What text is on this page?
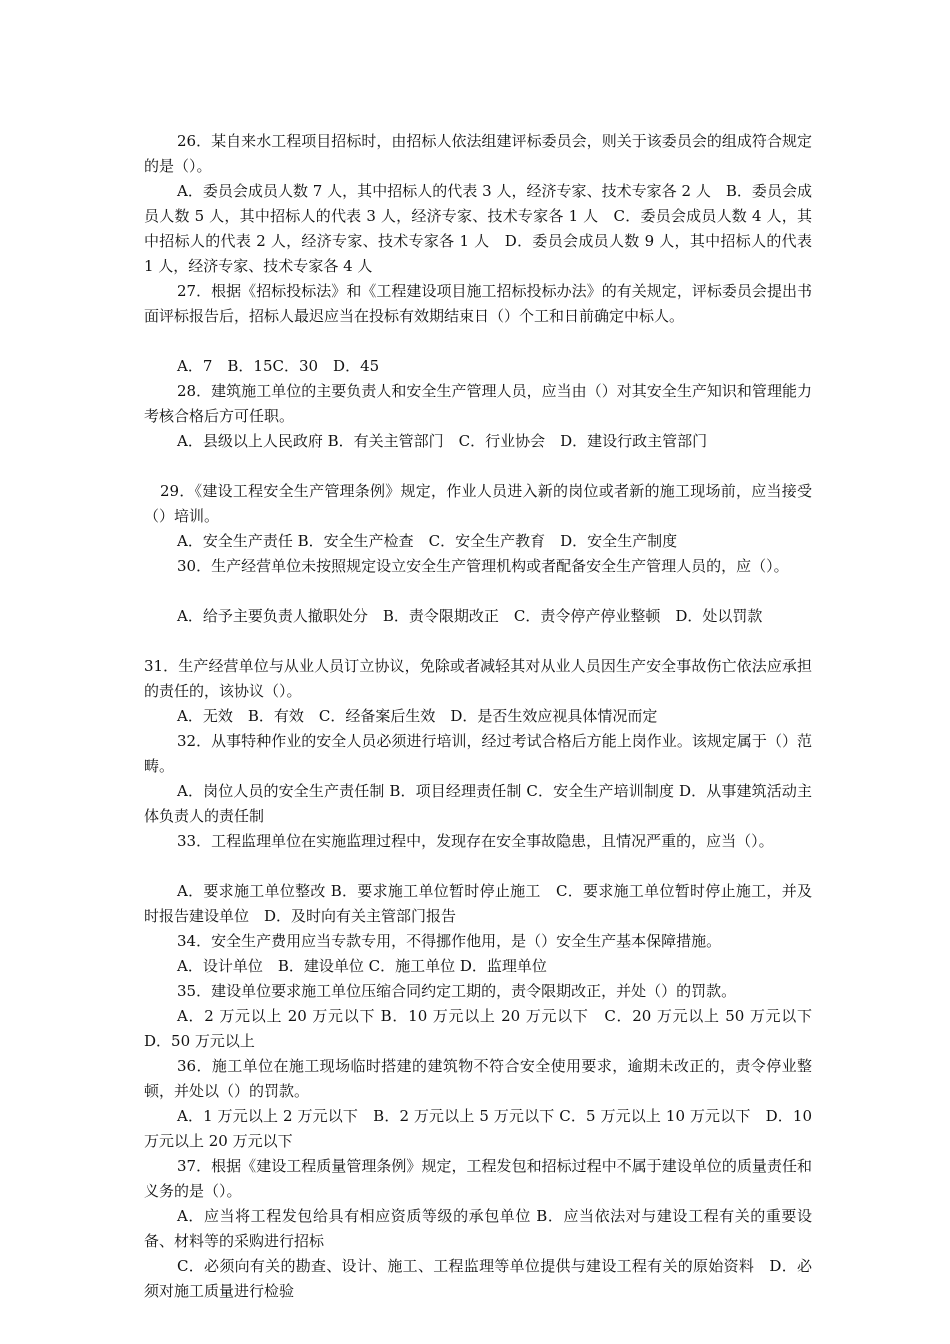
26．某自来水工程项目招标时，由招标人依法组建评标委员会，则关于该委员会的组成符合规定的是（）。

A．委员会成员人数 7 人，其中招标人的代表 3 人，经济专家、技术专家各 2 人　B．委员会成员人数 5 人，其中招标人的代表 3 人，经济专家、技术专家各 1 人　C．委员会成员人数 4 人，其中招标人的代表 2 人，经济专家、技术专家各 1 人　D．委员会成员人数 9 人，其中招标人的代表 1 人，经济专家、技术专家各 4 人

27．根据《招标投标法》和《工程建设项目施工招标投标办法》的有关规定，评标委员会提出书面评标报告后，招标人最迟应当在投标有效期结束日（）个工和日前确定中标人。

A．7　B．15C．30　D．45

28．建筑施工单位的主要负责人和安全生产管理人员，应当由（）对其安全生产知识和管理能力考核合格后方可任职。

A．县级以上人民政府 B．有关主管部门　C．行业协会　D．建设行政主管部门

29．《建设工程安全生产管理条例》规定，作业人员进入新的岗位或者新的施工现场前，应当接受（）培训。

A．安全生产责任 B．安全生产检查　C．安全生产教育　D．安全生产制度

30．生产经营单位未按照规定设立安全生产管理机构或者配备安全生产管理人员的，应（）。

A．给予主要负责人撤职处分　B．责令限期改正　C．责令停产停业整顿　D．处以罚款

31．生产经营单位与从业人员订立协议，免除或者减轻其对从业人员因生产安全事故伤亡依法应承担的责任的，该协议（）。

A．无效　B．有效　C．经备案后生效　D．是否生效应视具体情况而定

32．从事特种作业的安全人员必须进行培训，经过考试合格后方能上岗作业。该规定属于（）范畴。

A．岗位人员的安全生产责任制 B．项目经理责任制 C．安全生产培训制度 D．从事建筑活动主体负责人的责任制

33．工程监理单位在实施监理过程中，发现存在安全事故隐患，且情况严重的，应当（）。

A．要求施工单位整改 B．要求施工单位暂时停止施工　C．要求施工单位暂时停止施工，并及时报告建设单位　D．及时向有关主管部门报告

34．安全生产费用应当专款专用，不得挪作他用，是（）安全生产基本保障措施。

A．设计单位　B．建设单位 C．施工单位 D．监理单位

35．建设单位要求施工单位压缩合同约定工期的，责令限期改正，并处（）的罚款。

A．2 万元以上 20 万元以下 B．10 万元以上 20 万元以下　C．20 万元以上 50 万元以下　D．50 万元以上

36．施工单位在施工现场临时搭建的建筑物不符合安全使用要求，逾期未改正的，责令停业整顿，并处以（）的罚款。

A．1 万元以上 2 万元以下　B．2 万元以上 5 万元以下 C．5 万元以上 10 万元以下　D．10 万元以上 20 万元以下

37．根据《建设工程质量管理条例》规定，工程发包和招标过程中不属于建设单位的质量责任和义务的是（）。

A．应当将工程发包给具有相应资质等级的承包单位 B．应当依法对与建设工程有关的重要设备、材料等的采购进行招标

C．必须向有关的勘查、设计、施工、工程监理等单位提供与建设工程有关的原始资料　D．必须对施工质量进行检验
